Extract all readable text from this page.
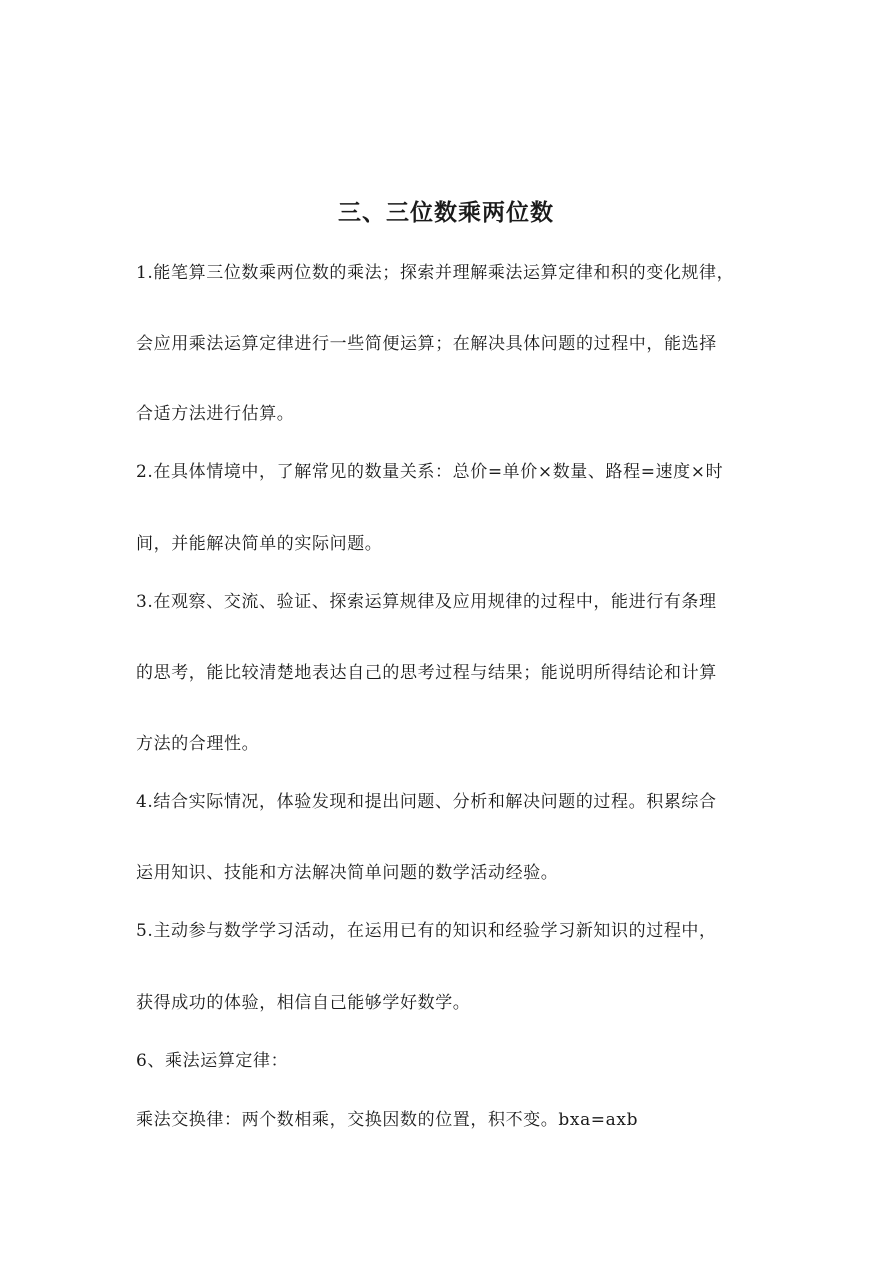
三、三位数乘两位数

1.能笔算三位数乘两位数的乘法；探索并理解乘法运算定律和积的变化规律，

会应用乘法运算定律进行一些简便运算；在解决具体问题的过程中，能选择

合适方法进行估算。

2.在具体情境中，了解常见的数量关系：总价=单价×数量、路程=速度×时

间，并能解决简单的实际问题。

3.在观察、交流、验证、探索运算规律及应用规律的过程中，能进行有条理

的思考，能比较清楚地表达自己的思考过程与结果；能说明所得结论和计算

方法的合理性。

4.结合实际情况，体验发现和提出问题、分析和解决问题的过程。积累综合

运用知识、技能和方法解决简单问题的数学活动经验。

5.主动参与数学学习活动，在运用已有的知识和经验学习新知识的过程中，

获得成功的体验，相信自己能够学好数学。

6、乘法运算定律：

乘法交换律：两个数相乘，交换因数的位置，积不变。bxa=axb
